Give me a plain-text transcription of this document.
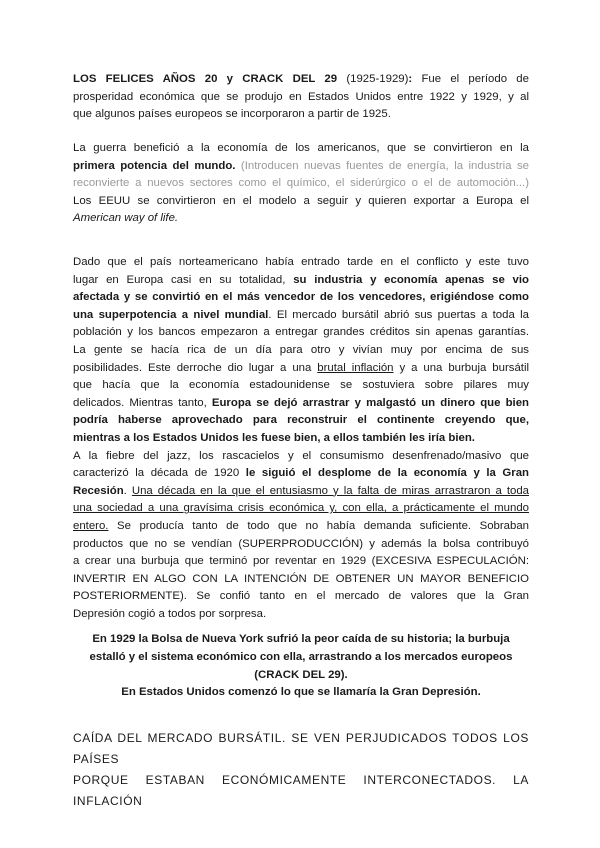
LOS FELICES AÑOS 20 y CRACK DEL 29 (1925-1929): Fue el período de
prosperidad económica que se produjo en Estados Unidos entre 1922 y 1929, y al
que algunos países europeos se incorporaron a partir de 1925.
La guerra benefició a la economía de los americanos, que se convirtieron en la
primera potencia del mundo. (Introducen nuevas fuentes de energía, la industria se
reconvierte a nuevos sectores como el químico, el siderúrgico o el de automoción...)
Los EEUU se convirtieron en el modelo a seguir y quieren exportar a Europa el
American way of life.
Dado que el país norteamericano había entrado tarde en el conflicto y este tuvo
lugar en Europa casi en su totalidad, su industria y economía apenas se vio
afectada y se convirtió en el más vencedor de los vencedores, erigiéndose como
una superpotencia a nivel mundial. El mercado bursátil abrió sus puertas a toda la
población y los bancos empezaron a entregar grandes créditos sin apenas garantías.
La gente se hacía rica de un día para otro y vivían muy por encima de sus
posibilidades. Este derroche dio lugar a una brutal inflación y a una burbuja bursátil
que hacía que la economía estadounidense se sostuviera sobre pilares muy
delicados. Mientras tanto, Europa se dejó arrastrar y malgastó un dinero que bien
podría haberse aprovechado para reconstruir el continente creyendo que,
mientras a los Estados Unidos les fuese bien, a ellos también les iría bien.
A la fiebre del jazz, los rascacielos y el consumismo desenfrenado/masivo que
caracterizó la década de 1920 le siguió el desplome de la economía y la Gran
Recesión. Una década en la que el entusiasmo y la falta de miras arrastraron a toda
una sociedad a una gravísima crisis económica y, con ella, a prácticamente el mundo
entero. Se producía tanto de todo que no había demanda suficiente. Sobraban
productos que no se vendían (SUPERPRODUCCIÓN) y además la bolsa contribuyó
a crear una burbuja que terminó por reventar en 1929 (EXCESIVA ESPECULACIÓN:
INVERTIR EN ALGO CON LA INTENCIÓN DE OBTENER UN MAYOR BENEFICIO
POSTERIORMENTE). Se confió tanto en el mercado de valores que la Gran
Depresión cogió a todos por sorpresa.
En 1929 la Bolsa de Nueva York sufrió la peor caída de su historia; la burbuja
estalló y el sistema económico con ella, arrastrando a los mercados europeos
(CRACK DEL 29).
En Estados Unidos comenzó lo que se llamaría la Gran Depresión.
CAÍDA DEL MERCADO BURSÁTIL. SE VEN PERJUDICADOS TODOS LOS PAÍSES
PORQUE ESTABAN ECONÓMICAMENTE INTERCONECTADOS. LA INFLACIÓN
